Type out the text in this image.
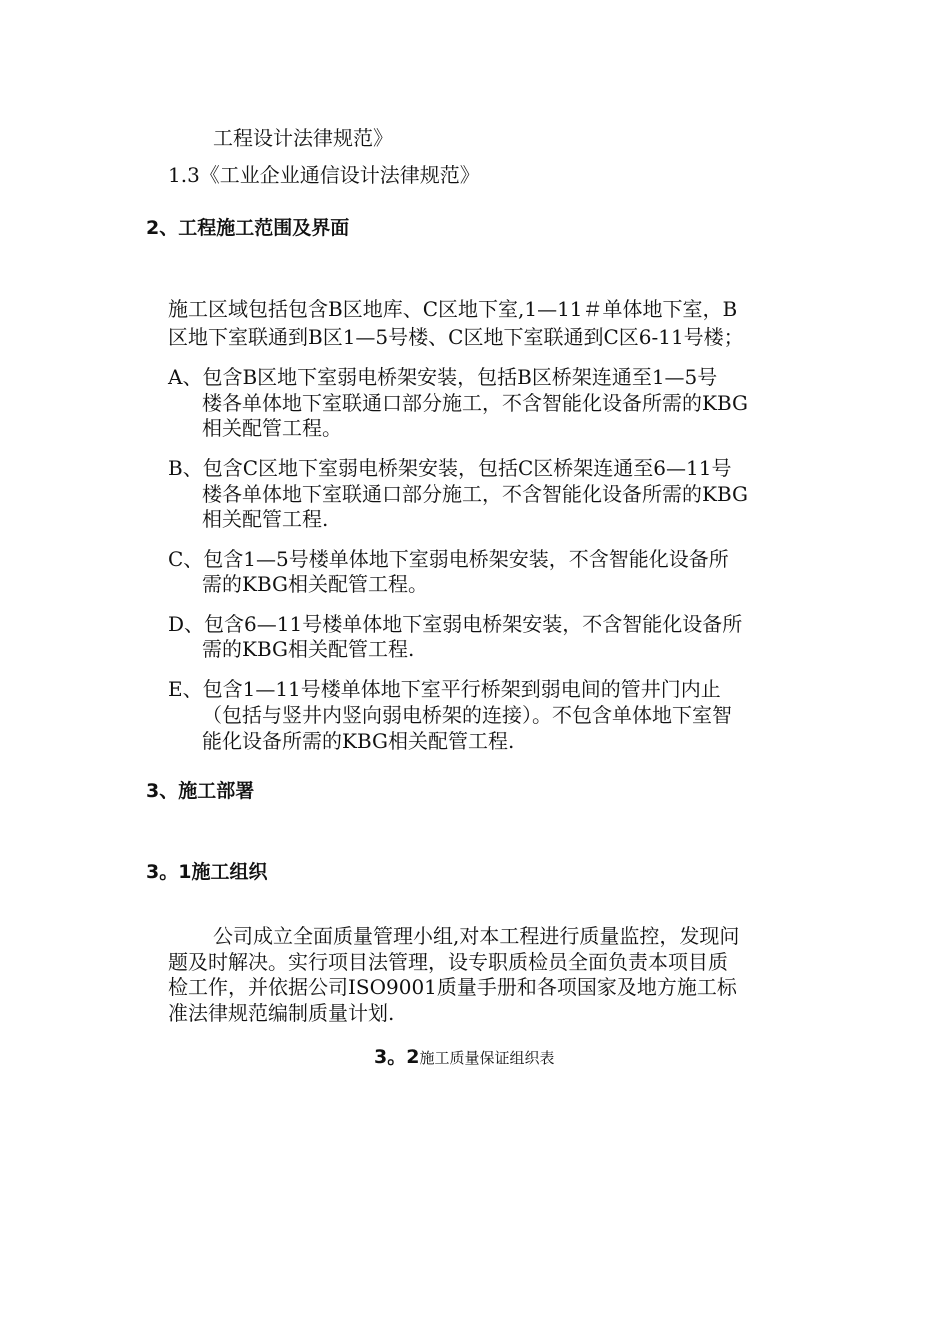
工程设计法律规范》
1.3《工业企业通信设计法律规范》
2、工程施工范围及界面
施工区域包括包含B区地库、C区地下室,1—11＃单体地下室，B
区地下室联通到B区1—5号楼、C区地下室联通到C区6-11号楼；
A、包含B区地下室弱电桥架安装，包括B区桥架连通至1—5号
楼各单体地下室联通口部分施工，不含智能化设备所需的KBG
相关配管工程。
B、包含C区地下室弱电桥架安装，包括C区桥架连通至6—11号
楼各单体地下室联通口部分施工，不含智能化设备所需的KBG
相关配管工程.
C、包含1—5号楼单体地下室弱电桥架安装，不含智能化设备所
需的KBG相关配管工程。
D、包含6—11号楼单体地下室弱电桥架安装，不含智能化设备所
需的KBG相关配管工程.
E、包含1—11号楼单体地下室平行桥架到弱电间的管井门内止
（包括与竖井内竖向弱电桥架的连接）。不包含单体地下室智
能化设备所需的KBG相关配管工程.
3、施工部署
3。1施工组织
公司成立全面质量管理小组,对本工程进行质量监控，发现问
题及时解决。实行项目法管理，设专职质检员全面负责本项目质
检工作，并依据公司ISO9001质量手册和各项国家及地方施工标
准法律规范编制质量计划.
3。2施工质量保证组织表
